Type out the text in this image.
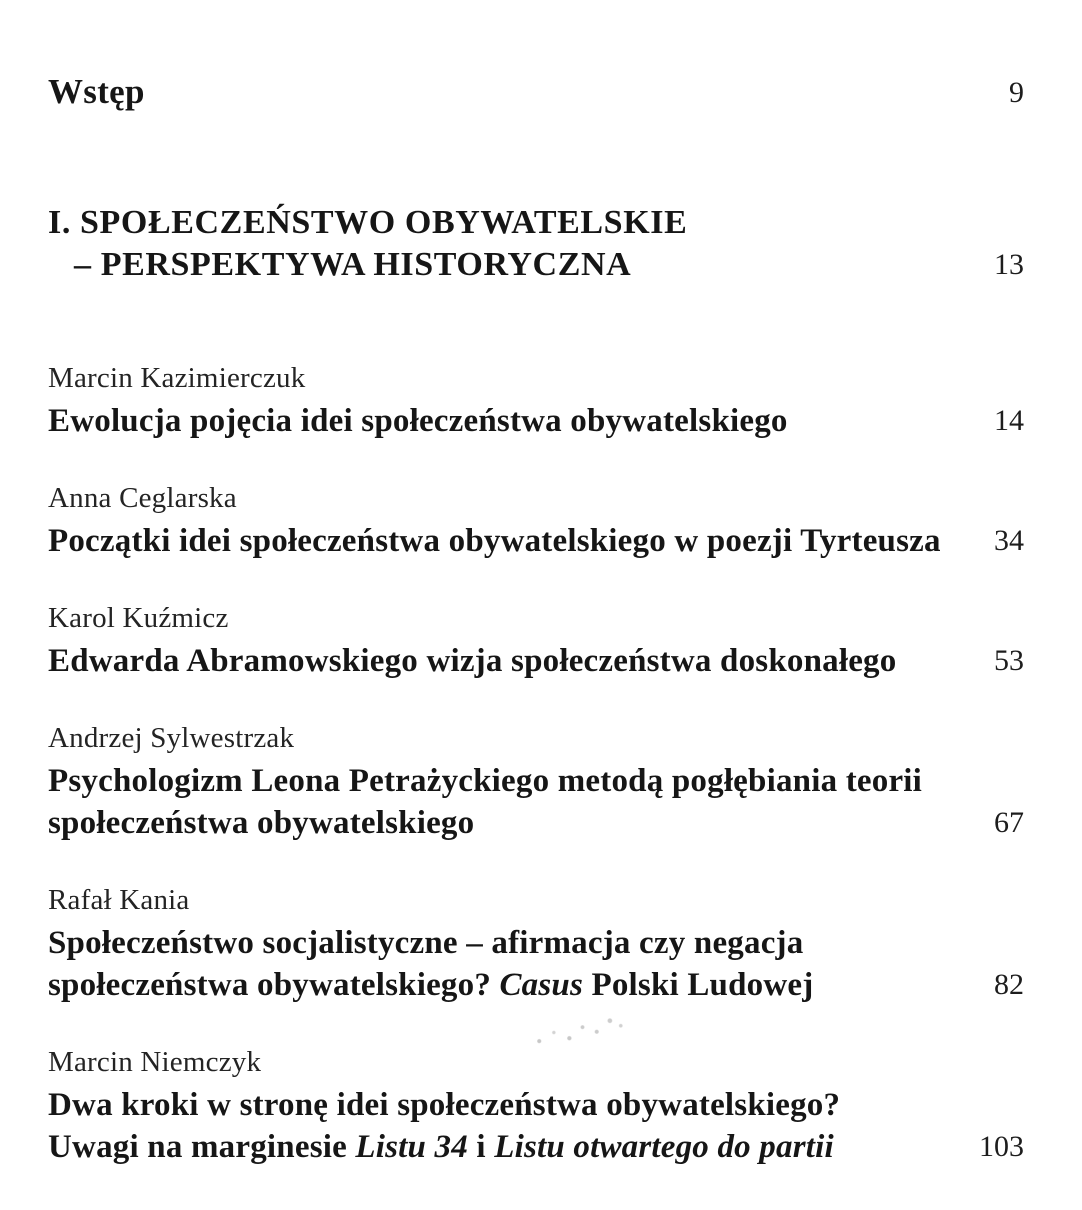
Wstęp	9
I. SPOŁECZEŃSTWO OBYWATELSKIE
– PERSPEKTYWA HISTORYCZNA	13
Marcin Kazimierczuk
Ewolucja pojęcia idei społeczeństwa obywatelskiego	14
Anna Ceglarska
Początki idei społeczeństwa obywatelskiego w poezji Tyrteusza	34
Karol Kuźmicz
Edwarda Abramowskiego wizja społeczeństwa doskonałego	53
Andrzej Sylwestrzak
Psychologizm Leona Petrażyckiego metodą pogłębiania teorii
społeczeństwa obywatelskiego	67
Rafał Kania
Społeczeństwo socjalistyczne – afirmacja czy negacja
społeczeństwa obywatelskiego? Casus Polski Ludowej	82
Marcin Niemczyk
Dwa kroki w stronę idei społeczeństwa obywatelskiego?
Uwagi na marginesie Listu 34 i Listu otwartego do partii	103
